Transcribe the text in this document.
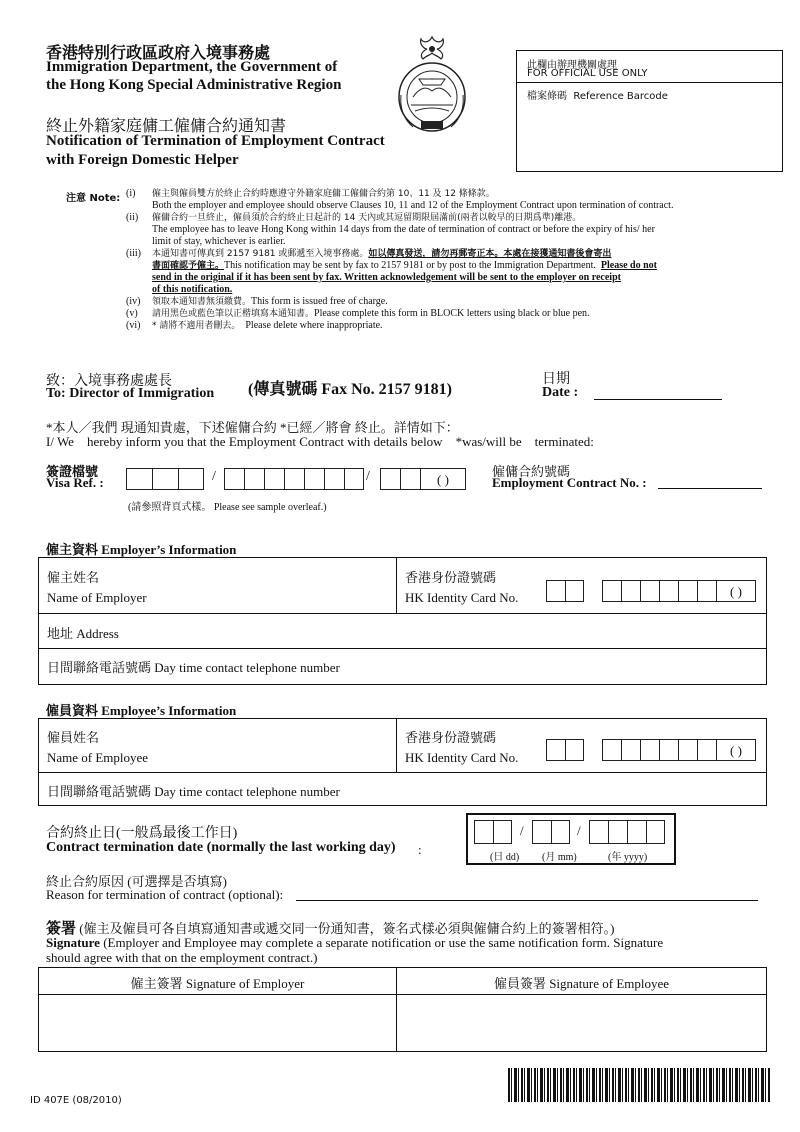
香港特別行政區政府入境事務處
Immigration Department, the Government of
the Hong Kong Special Administrative Region
終止外籍家庭傭工僱傭合約通知書
Notification of Termination of Employment Contract
with Foreign Domestic Helper
此欄由辦理機關處理
FOR OFFICIAL USE ONLY
檔案條碼 Reference Barcode
注意 Note: (i) 僱主與僱員雙方於終止合約時應遵守外籍家庭傭工僱傭合約第 10、11 及 12 條條款。
Both the employer and employee should observe Clauses 10, 11 and 12 of the Employment Contract upon termination of contract.
(ii) 僱傭合約一旦終止，僱員須於合約終止日起計的 14 天內或其逗留期限屆滿前(兩者以較早的日期爲準)離港。
The employee has to leave Hong Kong within 14 days from the date of termination of contract or before the expiry of his/ her
limit of stay, whichever is earlier.
(iii) 本通知書可傳真到 2157 9181 或郵遞至入境事務處。如以傳真發送，請勿再郵寄正本。本處在接獲通知書後會寄出
書面確認予僱主。This notification may be sent by fax to 2157 9181 or by post to the Immigration Department. Please do not
send in the original if it has been sent by fax. Written acknowledgement will be sent to the employer on receipt
of this notification.
(iv) 領取本通知書無須繳費。This form is issued free of charge.
(v) 請用黑色或藍色筆以正楷填寫本通知書。Please complete this form in BLOCK letters using black or blue pen.
(vi) * 請將不適用者刪去。 Please delete where inappropriate.
致：入境事務處處長
To: Director of Immigration (傳真號碼 Fax No. 2157 9181)
日期
Date :
*本人／我們 現通知貴處，下述僱傭合約 *已經／將會 終止。詳情如下：
I/ We    hereby inform you that the Employment Contract with details below    *was/will be    terminated:
簽證檔號
Visa Ref. :	/	/	( )
(請參照背頁式樣。 Please see sample overleaf.)
僱傭合約號碼
Employment Contract No. :
僱主資料 Employer’s Information
僱主姓名
Name of Employer
香港身份證號碼
HK Identity Card No.	( )
地址 Address
日間聯絡電話號碼 Day time contact telephone number
僱員資料 Employee’s Information
僱員姓名
Name of Employee
香港身份證號碼
HK Identity Card No.	( )
日間聯絡電話號碼 Day time contact telephone number
合約終止日(一般爲最後工作日)
Contract termination date (normally the last working day) :
/	/
(日 dd) (月 mm)	(年 yyyy)
終止合約原因 (可選擇是否填寫)
Reason for termination of contract (optional):
簽署 (僱主及僱員可各自填寫通知書或遞交同一份通知書，簽名式樣必須與僱傭合約上的簽署相符。)
Signature (Employer and Employee may complete a separate notification or use the same notification form. Signature
should agree with that on the employment contract.)
僱主簽署 Signature of Employer	僱員簽署 Signature of Employee
ID 407E (08/2010)
